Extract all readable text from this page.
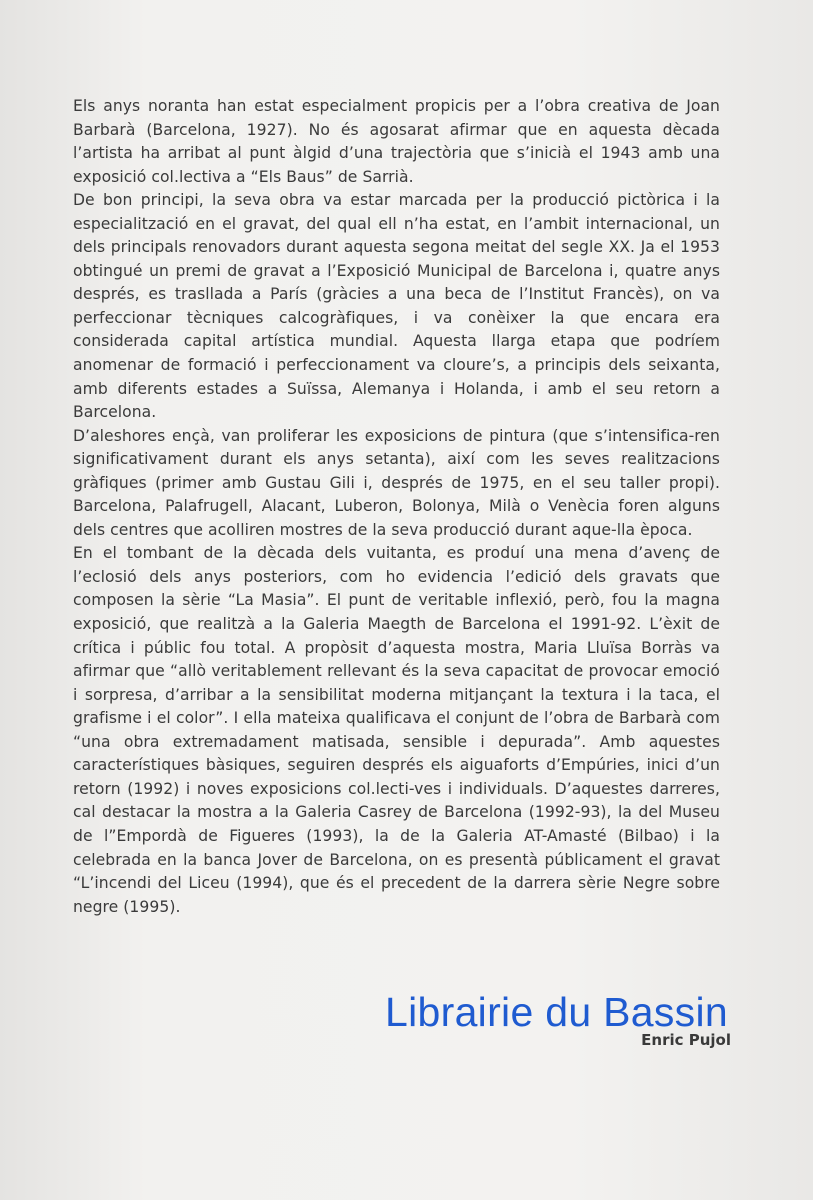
Els anys noranta han estat especialment propicis per a l’obra creativa de Joan Barbarà (Barcelona, 1927). No és agosarat afirmar que en aquesta dècada l’artista ha arribat al punt àlgid d’una trajectòria que s’inicià el 1943 amb una exposició col.lectiva a “Els Baus” de Sarrià.

De bon principi, la seva obra va estar marcada per la producció pictòrica i la especialització en el gravat, del qual ell n’ha estat, en l’ambit internacional, un dels principals renovadors durant aquesta segona meitat del segle XX. Ja el 1953 obtingué un premi de gravat a l’Exposició Municipal de Barcelona i, quatre anys després, es trasllada a París (gràcies a una beca de l’Institut Francès), on va perfeccionar tècniques calcogràfiques, i va conèixer la que encara era considerada capital artística mundial. Aquesta llarga etapa que podríem anomenar de formació i perfeccionament va cloure’s, a principis dels seixanta, amb diferents estades a Suïssa, Alemanya i Holanda, i amb el seu retorn a Barcelona.

D’aleshores ençà, van proliferar les exposicions de pintura (que s’intensifica-ren significativament durant els anys setanta), així com les seves realitzacions gràfiques (primer amb Gustau Gili i, després de 1975, en el seu taller propi). Barcelona, Palafrugell, Alacant, Luberon, Bolonya, Milà o Venècia foren alguns dels centres que acolliren mostres de la seva producció durant aque-lla època.

En el tombant de la dècada dels vuitanta, es produí una mena d’avenç de l’eclosió dels anys posteriors, com ho evidencia l’edició dels gravats que composen la sèrie “La Masia”. El punt de veritable inflexió, però, fou la magna exposició, que realitzà a la Galeria Maegth de Barcelona el 1991-92. L’èxit de crítica i públic fou total. A propòsit d’aquesta mostra, Maria Lluïsa Borràs va afirmar que “allò veritablement rellevant és la seva capacitat de provocar emoció i sorpresa, d’arribar a la sensibilitat moderna mitjançant la textura i la taca, el grafisme i el color”. I ella mateixa qualificava el conjunt de l’obra de Barbarà com “una obra extremadament matisada, sensible i depurada”. Amb aquestes característiques bàsiques, seguiren després els aiguaforts d’Empúries, inici d’un retorn (1992) i noves exposicions col.lecti-ves i individuals. D’aquestes darreres, cal destacar la mostra a la Galeria Casrey de Barcelona (1992-93), la del Museu de l”Empordà de Figueres (1993), la de la Galeria AT-Amasté (Bilbao) i la celebrada en la banca Jover de Barcelona, on es presentà públicament el gravat “L’incendi del Liceu (1994), que és el precedent de la darrera sèrie Negre sobre negre (1995).

Enric Pujol
Librairie du Bassin
